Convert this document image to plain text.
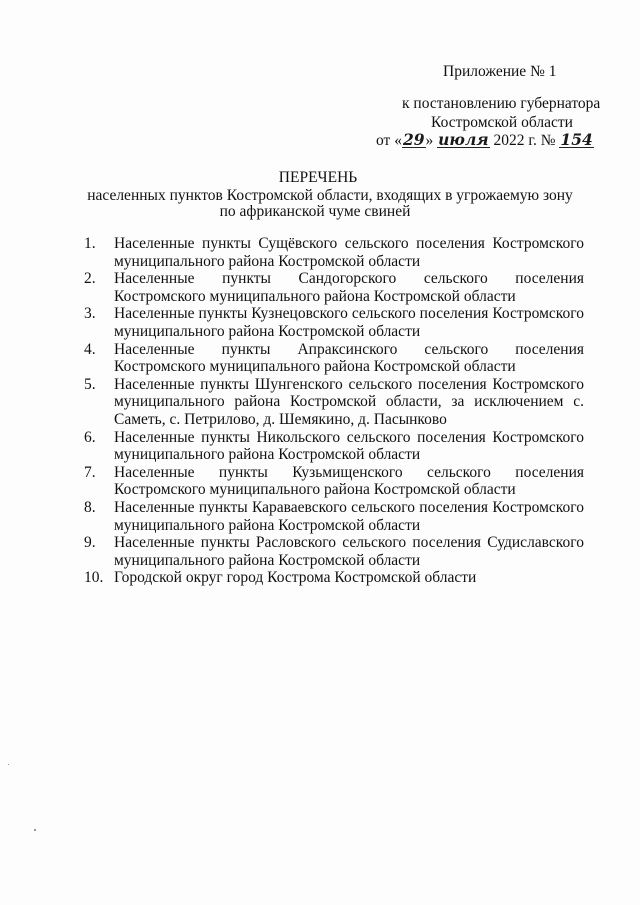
Приложение № 1
к постановлению губернатора
Костромской области
от «29» июля 2022 г. № 154
ПЕРЕЧЕНЬ
населенных пунктов Костромской области, входящих в угрожаемую зону
по африканской чуме свиней
1.	Населенные пункты Сущёвского сельского поселения Костромского муниципального района Костромской области
2.	Населенные пункты Сандогорского сельского поселения Костромского муниципального района Костромской области
3.	Населенные пункты Кузнецовского сельского поселения Костромского муниципального района Костромской области
4.	Населенные пункты Апраксинского сельского поселения Костромского муниципального района Костромской области
5.	Населенные пункты Шунгенского сельского поселения Костромского муниципального района Костромской области, за исключением с. Саметь, с. Петрилово, д. Шемякино, д. Пасынково
6.	Населенные пункты Никольского сельского поселения Костромского муниципального района Костромской области
7.	Населенные пункты Кузьмищенского сельского поселения Костромского муниципального района Костромской области
8.	Населенные пункты Караваевского сельского поселения Костромского муниципального района Костромской области
9.	Населенные пункты Расловского сельского поселения Судиславского муниципального района Костромской области
10. Городской округ город Кострома Костромской области
